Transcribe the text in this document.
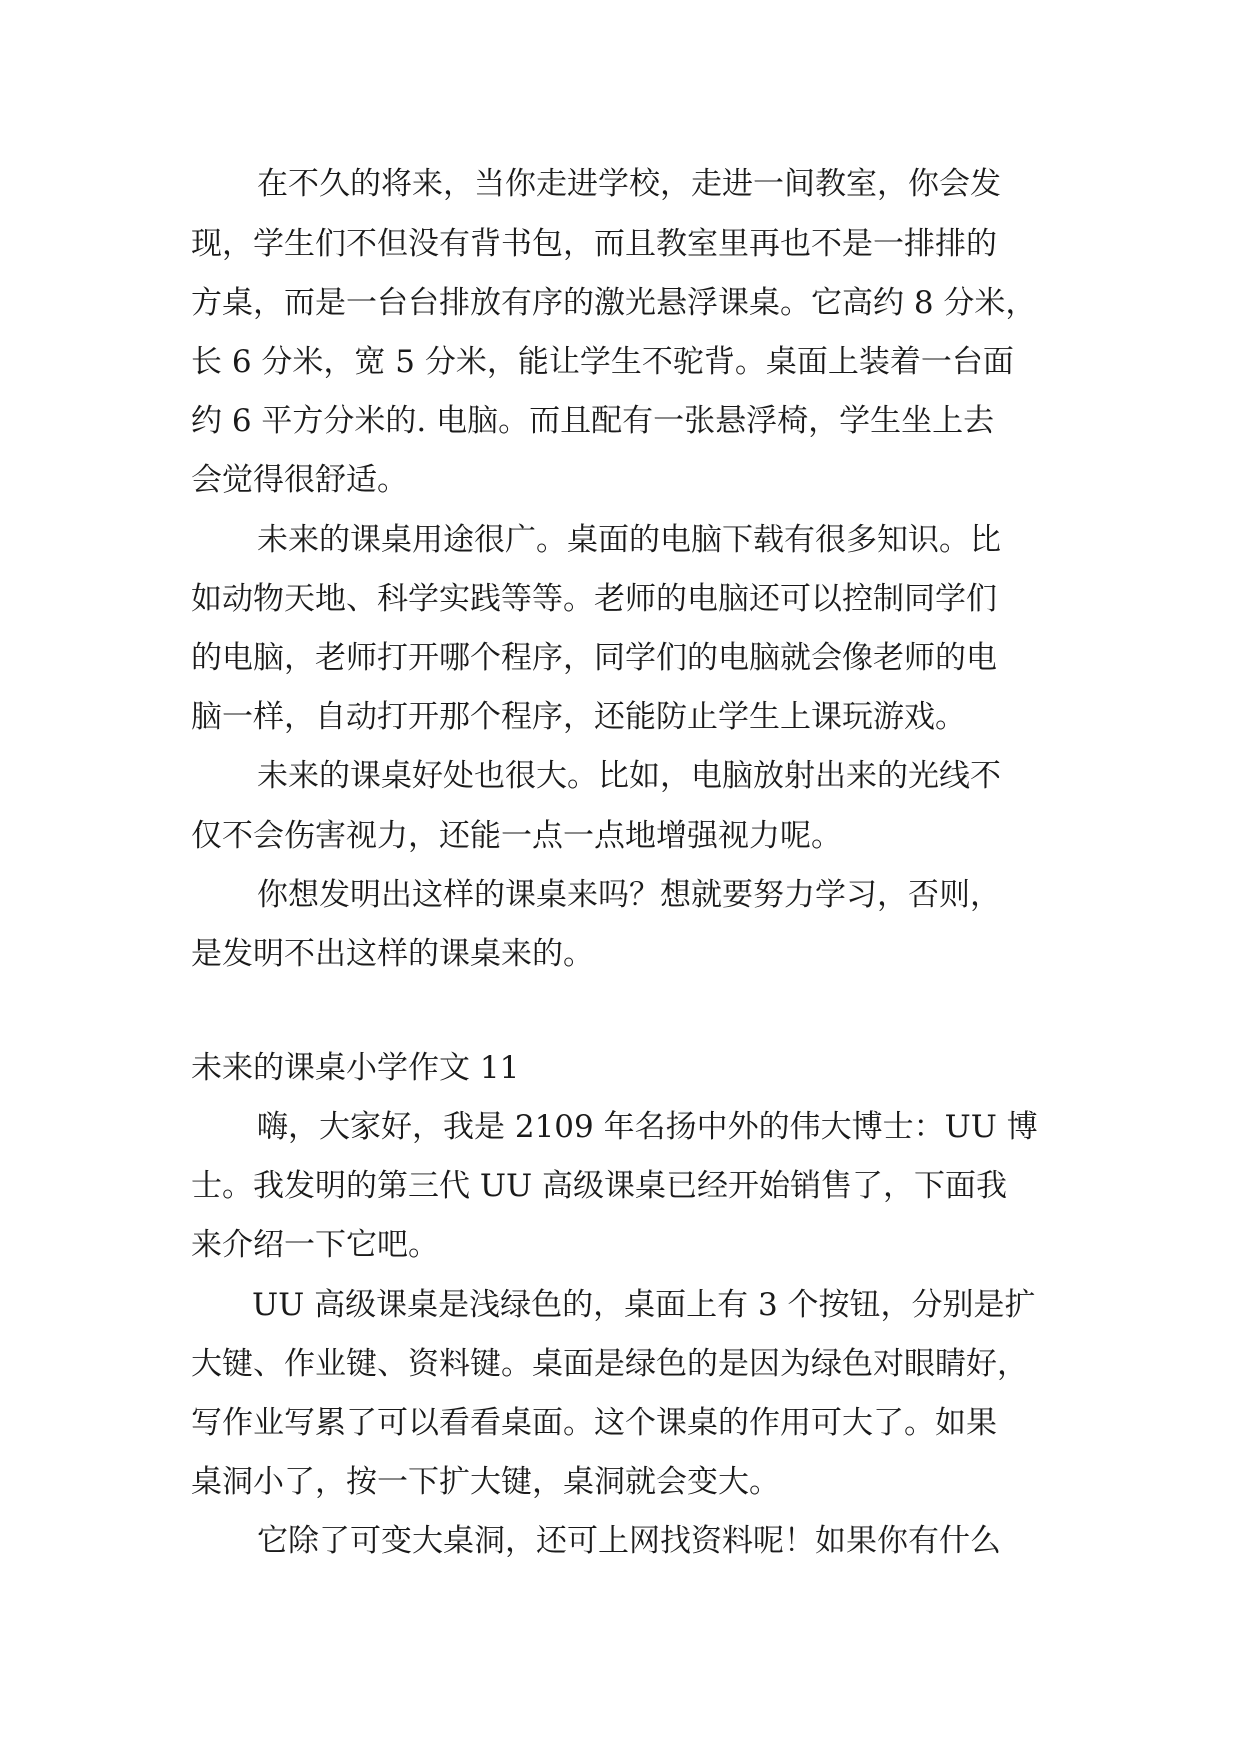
在不久的将来，当你走进学校，走进一间教室，你会发
现，学生们不但没有背书包，而且教室里再也不是一排排的
方桌，而是一台台排放有序的激光悬浮课桌。它高约 8 分米，
长 6 分米，宽 5 分米，能让学生不驼背。桌面上装着一台面
约 6 平方分米的. 电脑。而且配有一张悬浮椅，学生坐上去
会觉得很舒适。
未来的课桌用途很广。桌面的电脑下载有很多知识。比
如动物天地、科学实践等等。老师的电脑还可以控制同学们
的电脑，老师打开哪个程序，同学们的电脑就会像老师的电
脑一样，自动打开那个程序，还能防止学生上课玩游戏。
未来的课桌好处也很大。比如，电脑放射出来的光线不
仅不会伤害视力，还能一点一点地增强视力呢。
你想发明出这样的课桌来吗？想就要努力学习，否则，
是发明不出这样的课桌来的。
未来的课桌小学作文 11
嗨，大家好，我是 2109 年名扬中外的伟大博士：UU 博
士。我发明的第三代 UU 高级课桌已经开始销售了，下面我
来介绍一下它吧。
UU 高级课桌是浅绿色的，桌面上有 3 个按钮，分别是扩
大键、作业键、资料键。桌面是绿色的是因为绿色对眼睛好，
写作业写累了可以看看桌面。这个课桌的作用可大了。如果
桌洞小了，按一下扩大键，桌洞就会变大。
它除了可变大桌洞，还可上网找资料呢！如果你有什么
